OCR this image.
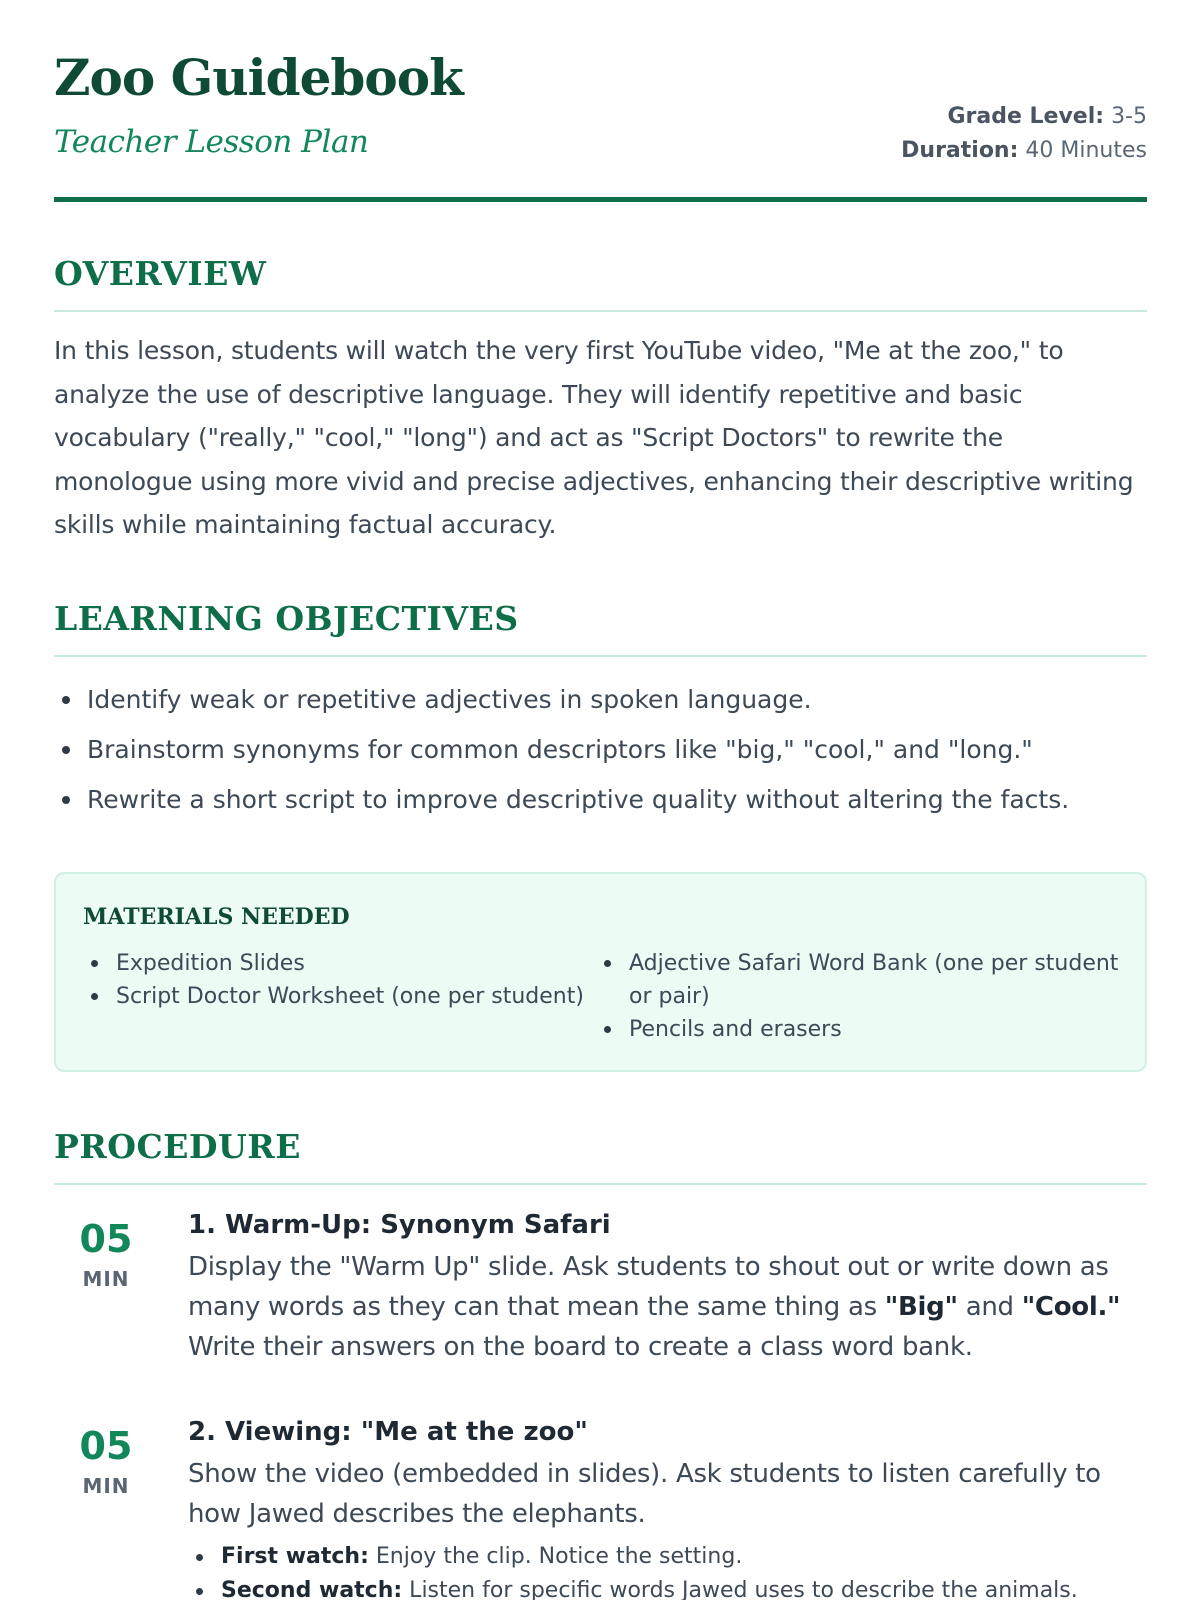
Zoo Guidebook

Teacher Lesson Plan

Grade Level: 3-5
Duration: 40 Minutes
OVERVIEW

In this lesson, students will watch the very first YouTube video, "Me at the zoo," to analyze the use of descriptive language. They will identify repetitive and basic vocabulary ("really," "cool," "long") and act as "Script Doctors" to rewrite the monologue using more vivid and precise adjectives, enhancing their descriptive writing skills while maintaining factual accuracy.

LEARNING OBJECTIVES
Identify weak or repetitive adjectives in spoken language.
Brainstorm synonyms for common descriptors like "big," "cool," and "long."
Rewrite a short script to improve descriptive quality without altering the facts.
MATERIALS NEEDED
Expedition Slides
Script Doctor Worksheet (one per student)
Adjective Safari Word Bank (one per student or pair)
Pencils and erasers
PROCEDURE
05
MIN
1. Warm-Up: Synonym Safari

Display the "Warm Up" slide. Ask students to shout out or write down as many words as they can that mean the same thing as "Big" and "Cool." Write their answers on the board to create a class word bank.

05
MIN
2. Viewing: "Me at the zoo"

Show the video (embedded in slides). Ask students to listen carefully to how Jawed describes the elephants.

First watch: Enjoy the clip. Notice the setting.
Second watch: Listen for specific words Jawed uses to describe the animals.
